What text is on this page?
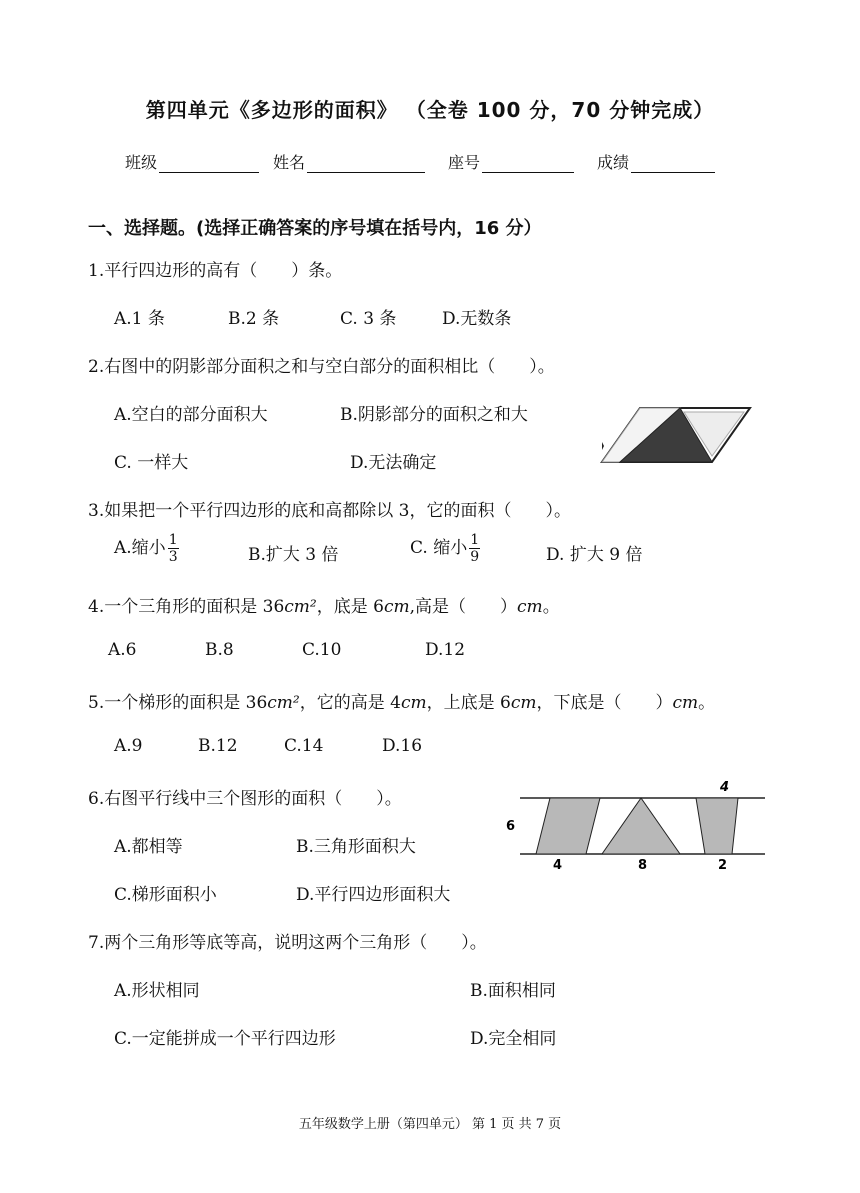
第四单元《多边形的面积》 （全卷 100 分，70 分钟完成）
班级	姓名	座号	成绩
一、选择题。(选择正确答案的序号填在括号内，16 分）
1.平行四边形的高有（　　）条。
A.1 条	B.2 条	C. 3 条	D.无数条
2.右图中的阴影部分面积之和与空白部分的面积相比（　　）。
A.空白的部分面积大	B.阴影部分的面积之和大
C. 一样大	D.无法确定
3.如果把一个平行四边形的底和高都除以 3，它的面积（　　）。
A.缩小 $\frac{1}{3}$	B.扩大 3 倍	C. 缩小 $\frac{1}{9}$	D. 扩大 9 倍
4.一个三角形的面积是 36cm²，底是 6cm,高是（　　）cm。
A.6	B.8	C.10	D.12
5.一个梯形的面积是 36cm²，它的高是 4cm，上底是 6cm，下底是（　　）cm。
A.9	B.12	C.14	D.16
6.右图平行线中三个图形的面积（　　）。
A.都相等	B.三角形面积大
C.梯形面积小	D.平行四边形面积大
6
4
4	8	2
7.两个三角形等底等高，说明这两个三角形（　　）。
A.形状相同	B.面积相同
C.一定能拼成一个平行四边形	D.完全相同
五年级数学上册（第四单元） 第 1 页 共 7 页
